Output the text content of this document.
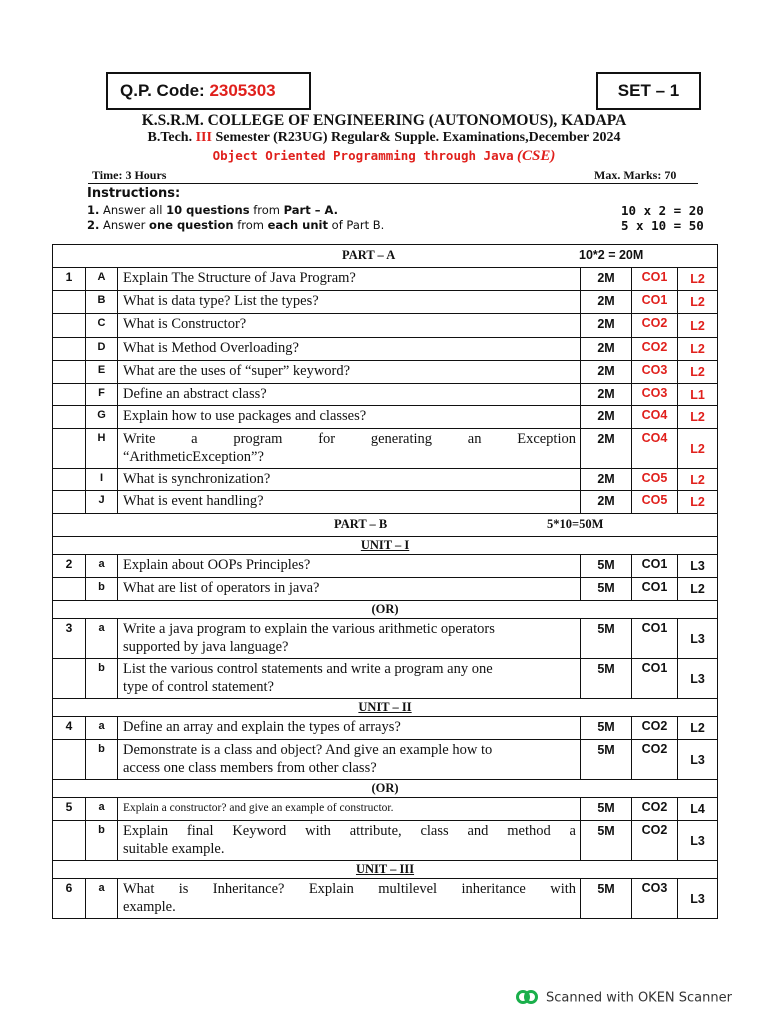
Q.P. Code: 2305303	SET – 1
K.S.R.M. COLLEGE OF ENGINEERING (AUTONOMOUS), KADAPA
B.Tech. III Semester (R23UG) Regular& Supple. Examinations,December 2024
Object Oriented Programming through Java (CSE)
Time: 3 Hours	Max. Marks: 70
Instructions:
1. Answer all 10 questions from Part – A.
2. Answer one question from each unit of Part B.
10 x 2 = 20
5 x 10 = 50
PART – A 10*2 = 20M					

1	A	Explain The Structure of Java Program?	2M	CO1	L2
	B	What is data type? List the types?	2M	CO1	L2
	C	What is Constructor?	2M	CO2	L2
	D	What is Method Overloading?	2M	CO2	L2
	E	What are the uses of “super” keyword?	2M	CO3	L2
	F	Define an abstract class?	2M	CO3	L1
	G	Explain how to use packages and classes?	2M	CO4	L2
	H	Write a program for generating an Exception
“ArithmeticException”?	2M	CO4	L2
	I	What is synchronization?	2M	CO5	L2
	J	What is event handling?	2M	CO5	L2

PART – B 5*10=50M					

UNIT – I					
2	a	Explain about OOPs Principles?	5M	CO1	L3
	b	What are list of operators in java?	5M	CO1	L2
(OR)					
3	a	Write a java program to explain the various arithmetic operators
supported by java language?	5M	CO1	L3
	b	List the various control statements and write a program any one
type of control statement?	5M	CO1	L3
UNIT – II					
4	a	Define an array and explain the types of arrays?	5M	CO2	L2
	b	Demonstrate is a class and object? And give an example how to
access one class members from other class?	5M	CO2	L3
(OR)					
5	a	Explain a constructor? and give an example of constructor.	5M	CO2	L4
	b	Explain final Keyword with attribute, class and method a
suitable example.	5M	CO2	L3
UNIT – III					
6	a	What is Inheritance? Explain multilevel inheritance with
example.	5M	CO3	L3
Scanned with OKEN Scanner
